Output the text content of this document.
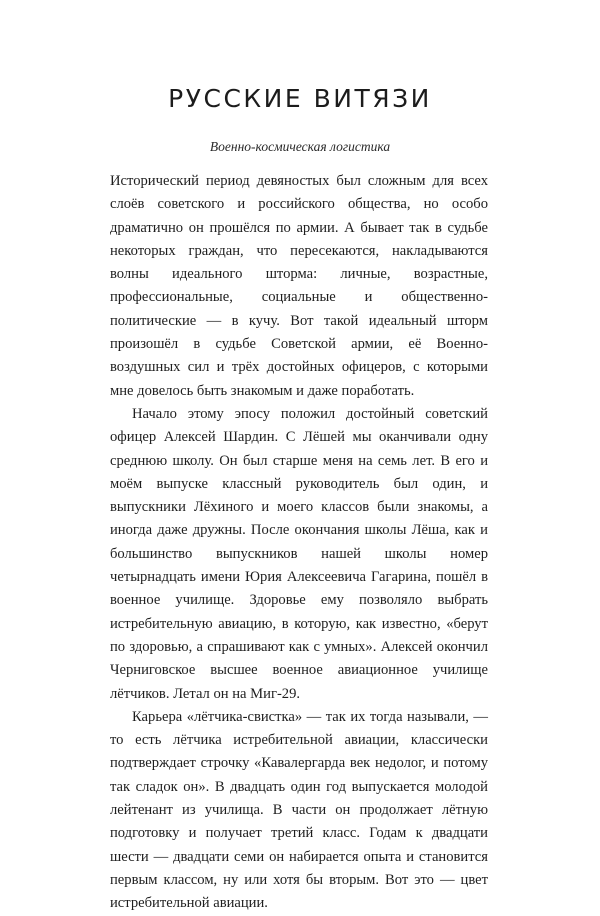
РУССКИЕ ВИТЯЗИ

Военно-космическая логистика

Исторический период девяностых был сложным для всех слоёв советского и российского общества, но особо драматично он прошёлся по армии. А бывает так в судьбе некоторых граждан, что пересекаются, накладываются волны идеального шторма: личные, возрастные, профессиональные, социальные и общественно-политические — в кучу. Вот такой идеальный шторм произошёл в судьбе Советской армии, её Военно-воздушных сил и трёх достойных офицеров, с которыми мне довелось быть знакомым и даже поработать.

Начало этому эпосу положил достойный советский офицер Алексей Шардин. С Лёшей мы оканчивали одну среднюю школу. Он был старше меня на семь лет. В его и моём выпуске классный руководитель был один, и выпускники Лёхиного и моего классов были знакомы, а иногда даже дружны. После окончания школы Лёша, как и большинство выпускников нашей школы номер четырнадцать имени Юрия Алексеевича Гагарина, пошёл в военное училище. Здоровье ему позволяло выбрать истребительную авиацию, в которую, как известно, «берут по здоровью, а спрашивают как с умных». Алексей окончил Черниговское высшее военное авиационное училище лётчиков. Летал он на Миг-29.

Карьера «лётчика-свистка» — так их тогда называли, — то есть лётчика истребительной авиации, классически подтверждает строчку «Кавалергарда век недолог, и потому так сладок он». В двадцать один год выпускается молодой лейтенант из училища. В части он продолжает лётную подготовку и получает третий класс. Годам к двадцати шести — двадцати семи он набирается опыта и становится первым классом, ну или хотя бы вторым. Вот это — цвет истребительной авиации.
